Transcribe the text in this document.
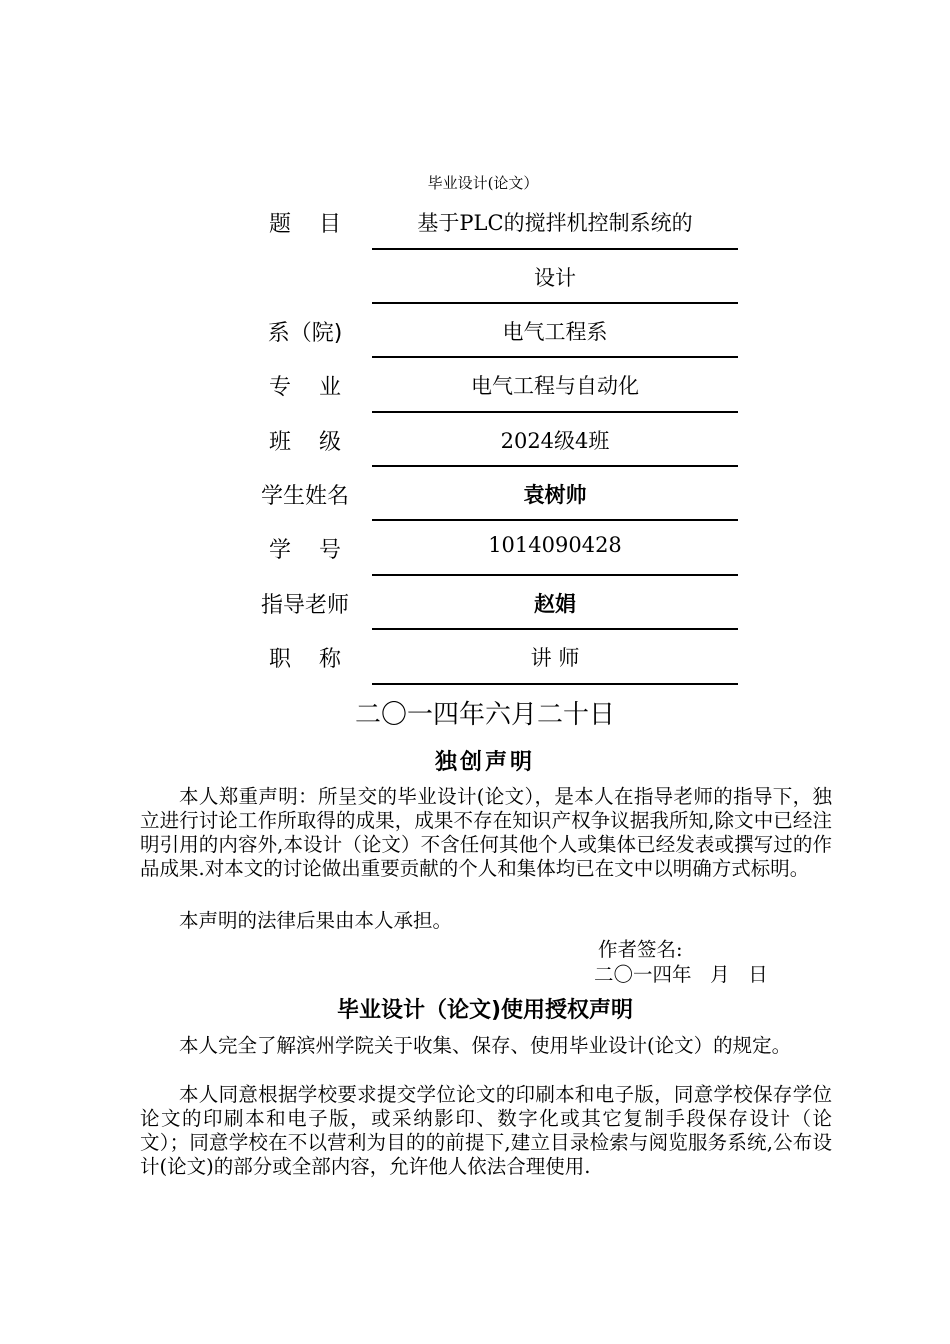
毕业设计(论文）
题    目	基于PLC的搅拌机控制系统的
设计
系（院)	电气工程系
专    业	电气工程与自动化
班    级	2024级4班
学生姓名	袁树帅
学    号	1014090428
指导老师	赵娟
职    称	讲 师
二〇一四年六月二十日
独创声明

本人郑重声明：所呈交的毕业设计(论文），是本人在指导老师的指导下，独立进行讨论工作所取得的成果，成果不存在知识产权争议据我所知,除文中已经注明引用的内容外,本设计（论文）不含任何其他个人或集体已经发表或撰写过的作品成果.对本文的讨论做出重要贡献的个人和集体均已在文中以明确方式标明。

本声明的法律后果由本人承担。

作者签名:
二〇一四年   月   日
毕业设计（论文)使用授权声明

本人完全了解滨州学院关于收集、保存、使用毕业设计(论文）的规定。

本人同意根据学校要求提交学位论文的印刷本和电子版，同意学校保存学位论文的印刷本和电子版，或采纳影印、数字化或其它复制手段保存设计（论文）；同意学校在不以营利为目的的前提下,建立目录检索与阅览服务系统,公布设计(论文)的部分或全部内容，允许他人依法合理使用.
